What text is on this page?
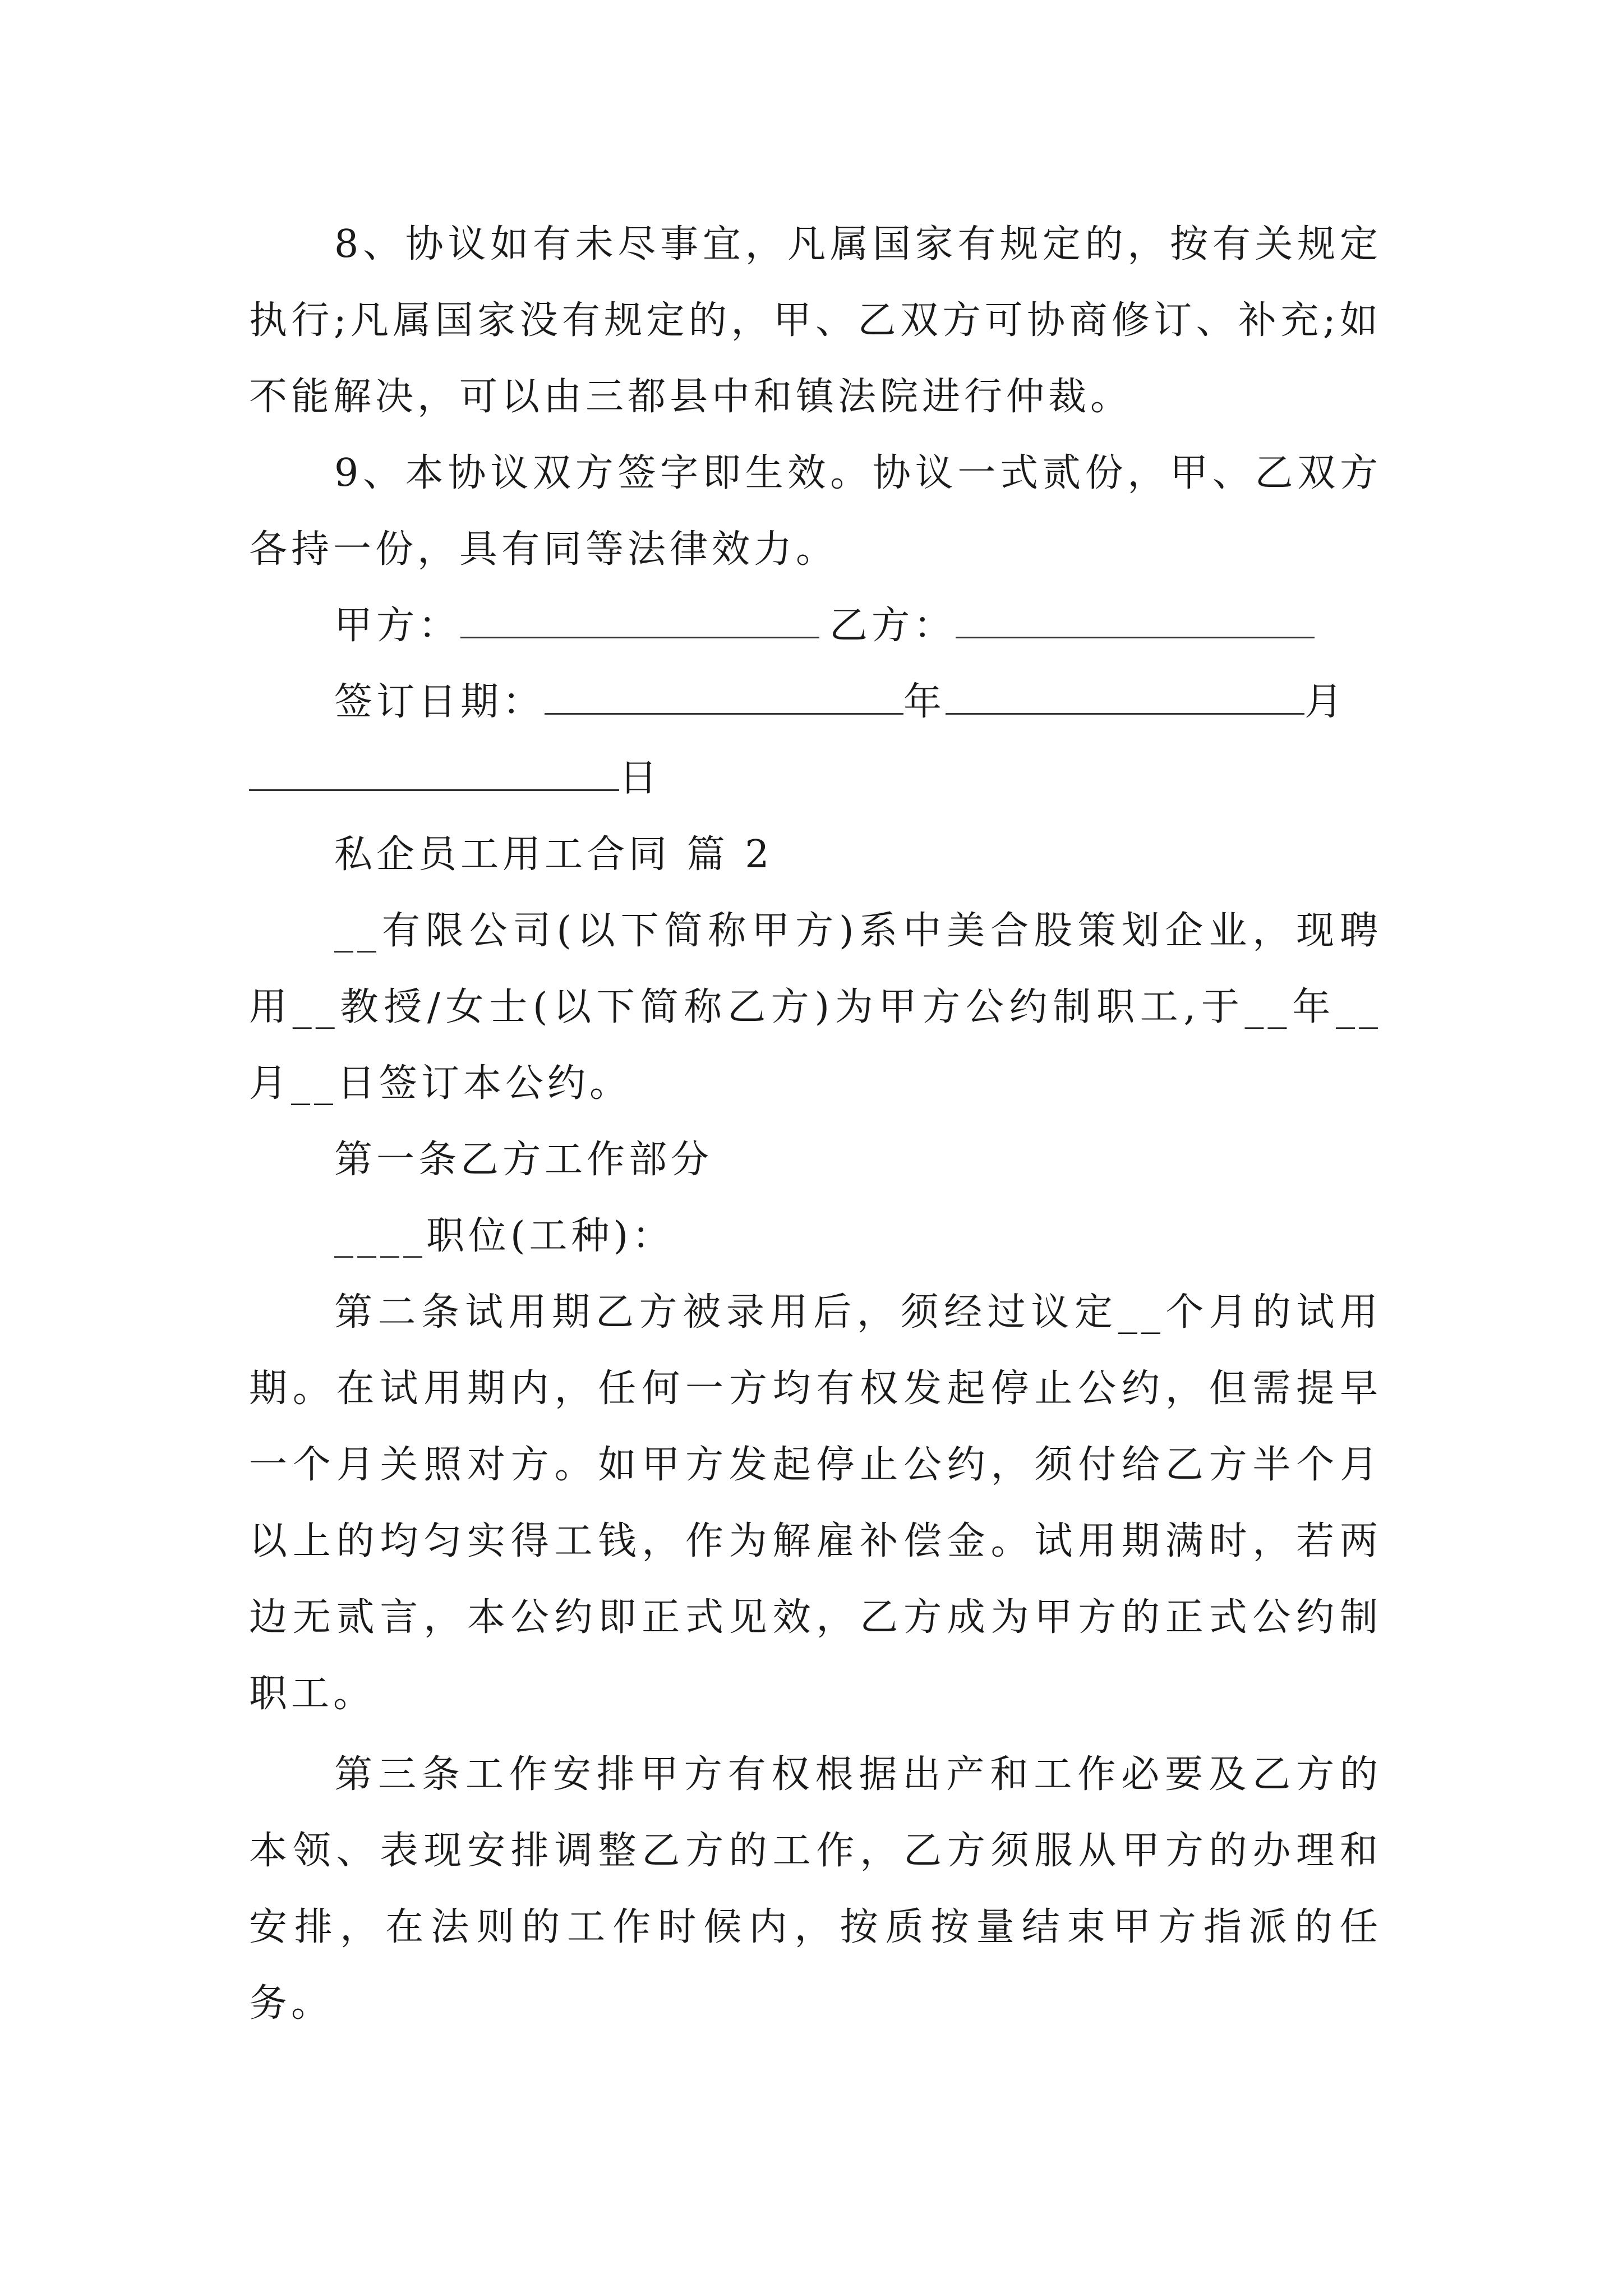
8、协议如有未尽事宜，凡属国家有规定的，按有关规定执行;凡属国家没有规定的，甲、乙双方可协商修订、补充;如不能解决，可以由三都县中和镇法院进行仲裁。

9、本协议双方签字即生效。协议一式贰份，甲、乙双方各持一份，具有同等法律效力。

甲方：	乙方：
签订日期：	年	月
日

私企员工用工合同 篇 2

__有限公司(以下简称甲方)系中美合股策划企业，现聘用__教授/女士(以下简称乙方)为甲方公约制职工,于__年__月__日签订本公约。

第一条乙方工作部分

____职位(工种)：

第二条试用期乙方被录用后，须经过议定__个月的试用期。在试用期内，任何一方均有权发起停止公约，但需提早一个月关照对方。如甲方发起停止公约，须付给乙方半个月以上的均匀实得工钱，作为解雇补偿金。试用期满时，若两边无贰言，本公约即正式见效，乙方成为甲方的正式公约制职工。

第三条工作安排甲方有权根据出产和工作必要及乙方的本领、表现安排调整乙方的工作，乙方须服从甲方的办理和安排，在法则的工作时候内，按质按量结束甲方指派的任务。
